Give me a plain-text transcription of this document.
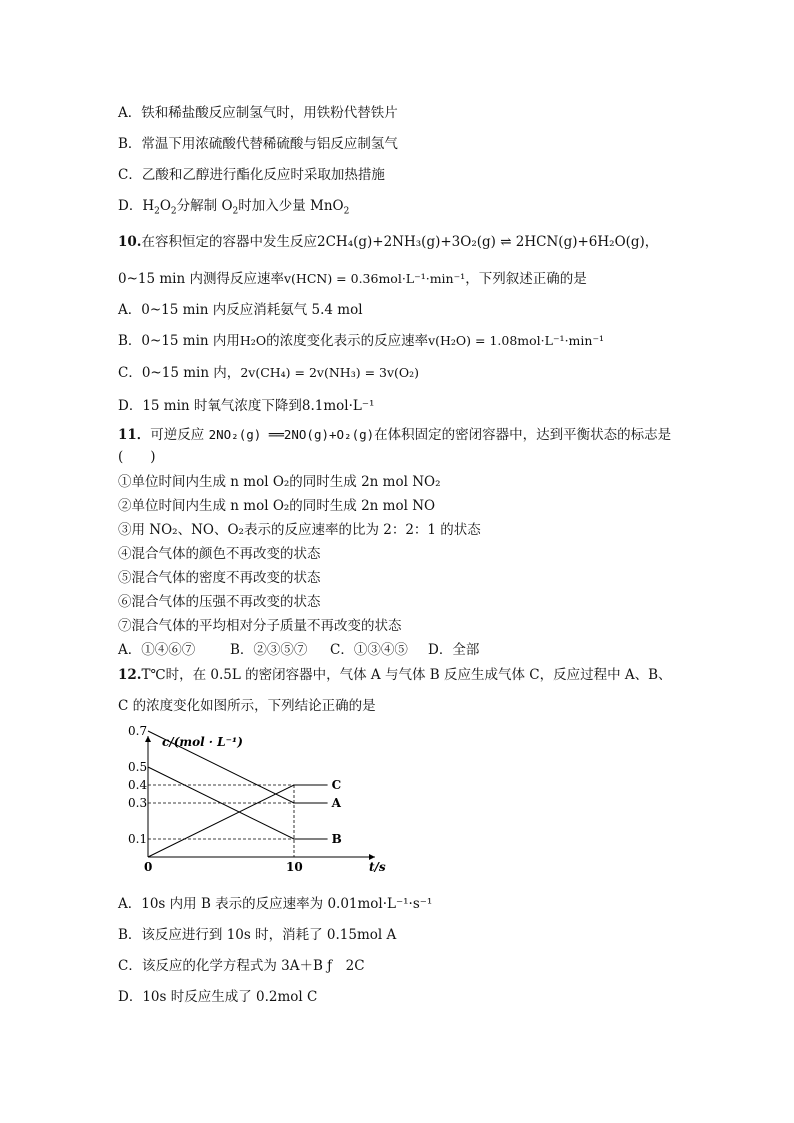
A．铁和稀盐酸反应制氢气时，用铁粉代替铁片
B．常温下用浓硫酸代替稀硫酸与铝反应制氢气
C．乙酸和乙醇进行酯化反应时采取加热措施
D．$H_2O_2$分解制 $O_2$时加入少量 MnO$_2$
10.在容积恒定的容器中发生反应2CH₄(g)+2NH₃(g)+3O₂(g) ⇌ 2HCN(g)+6H₂O(g)，
0~15 min 内测得反应速率v(HCN) = 0.36mol·L⁻¹·min⁻¹，下列叙述正确的是
A．0~15 min 内反应消耗氨气 5.4 mol
B．0~15 min 内用H₂O的浓度变化表示的反应速率v(H₂O) = 1.08mol·L⁻¹·min⁻¹
C．0~15 min 内，2v(CH₄) = 2v(NH₃) = 3v(O₂)
D．15 min 时氧气浓度下降到8.1mol·L⁻¹
11．可逆反应 2NO₂(g) ══2NO(g)+O₂(g)在体积固定的密闭容器中，达到平衡状态的标志是
(　　)
①单位时间内生成 n mol O₂的同时生成 2n mol NO₂
②单位时间内生成 n mol O₂的同时生成 2n mol NO
③用 NO₂、NO、O₂表示的反应速率的比为 2：2：1 的状态
④混合气体的颜色不再改变的状态
⑤混合气体的密度不再改变的状态
⑥混合气体的压强不再改变的状态
⑦混合气体的平均相对分子质量不再改变的状态
A．①④⑥⑦	B．②③⑤⑦ C．①③④⑤ D．全部
12.T℃时，在 0.5L 的密闭容器中，气体 A 与气体 B 反应生成气体 C，反应过程中 A、B、
C 的浓度变化如图所示，下列结论正确的是
0.7
0.5
0.4
0.3
0.1
0	10
c/(mol · L⁻¹)
t/s
C
A
B
A．10s 内用 B 表示的反应速率为 0.01mol·L⁻¹·s⁻¹
B．该反应进行到 10s 时，消耗了 0.15mol A
C．该反应的化学方程式为 3A＋B ƒ　2C
D．10s 时反应生成了 0.2mol C
